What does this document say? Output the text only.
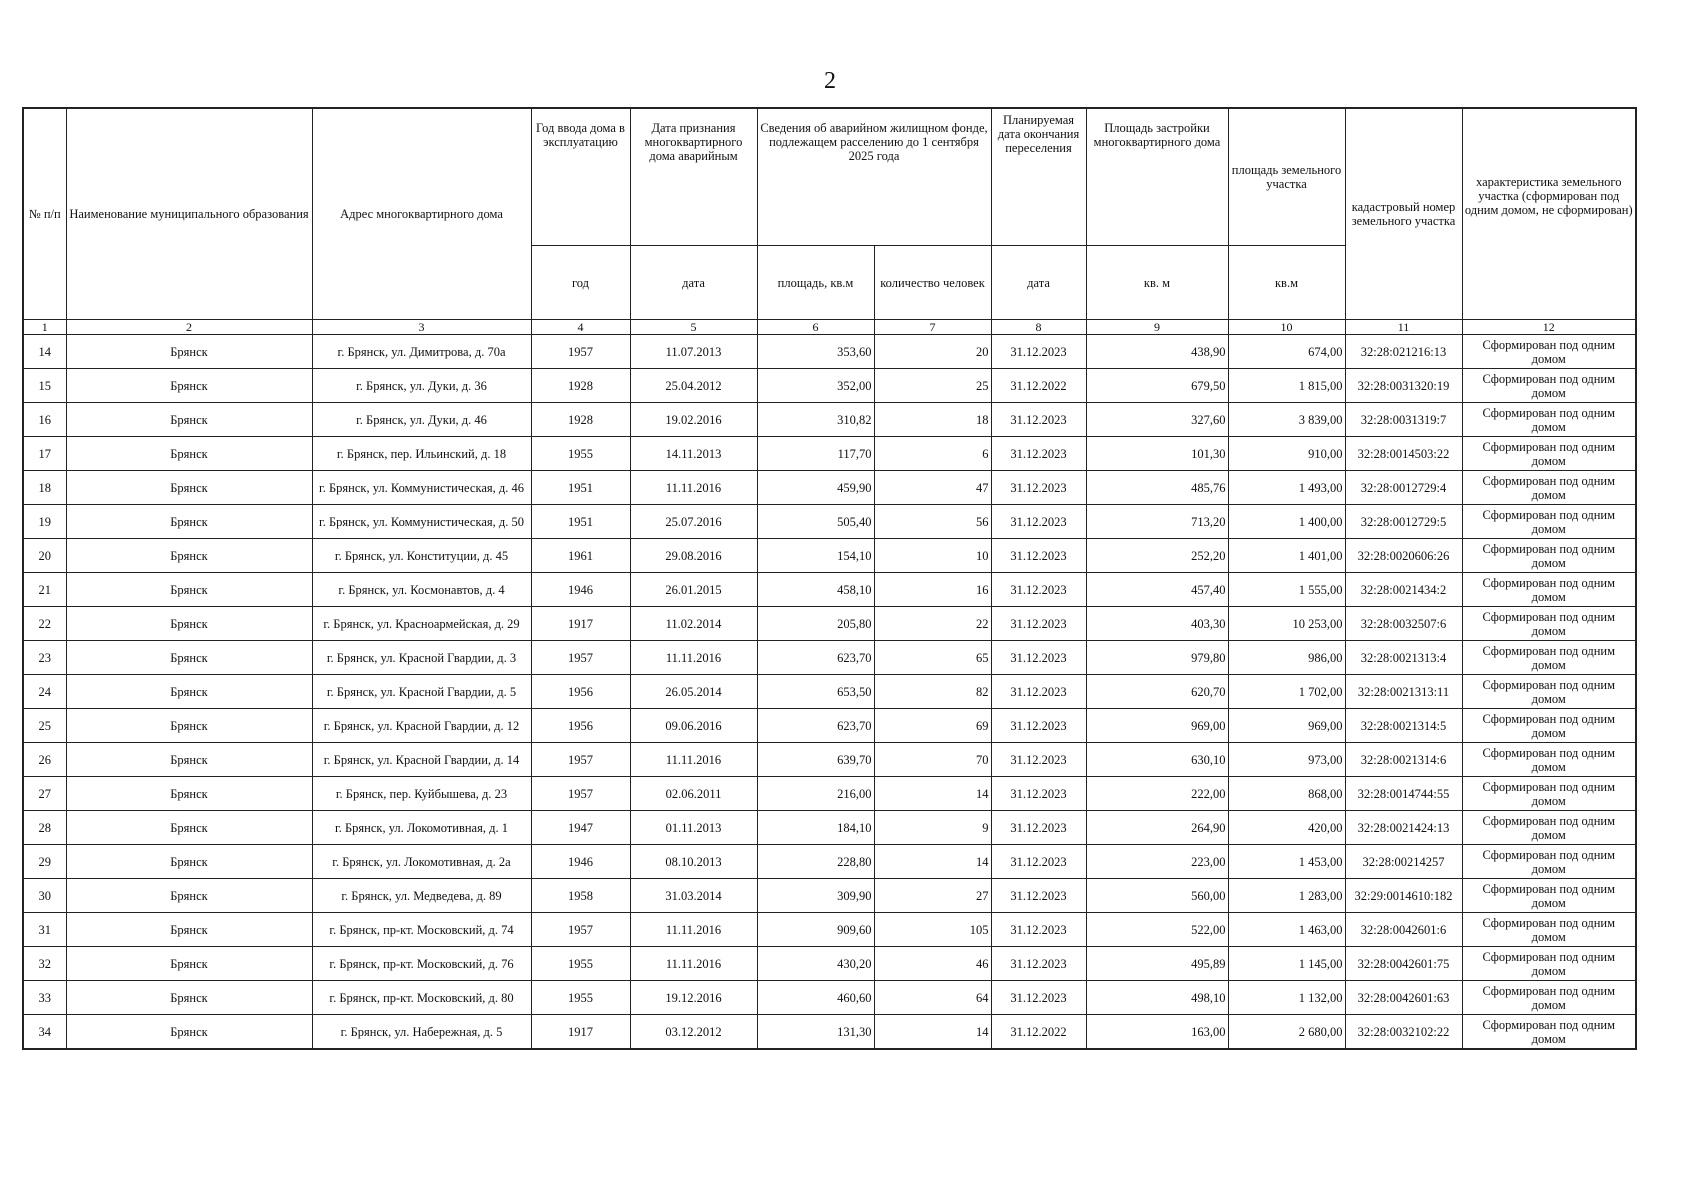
2
№ п/п	Наименование муниципального образования	Адрес многоквартирного дома	Год ввода дома в эксплуатацию	Дата признания многоквартирного дома аварийным	Сведения об аварийном жилищном фонде, подлежащем расселению до 1 сентября 2025 года		Планируемая дата окончания переселения	Площадь застройки многоквартирного дома	площадь земельного участка	кадастровый номер земельного участка	характеристика земельного участка (сформирован под одним домом, не сформирован)
			год	дата	площадь, кв.м	количество человек	дата	кв. м	кв.м		
1	2	3	4	5	6	7	8	9	10	11	12
14	Брянск	г. Брянск, ул. Димитрова, д. 70а	1957	11.07.2013	353,60	20	31.12.2023	438,90	674,00	32:28:021216:13	Сформирован под одним домом
15	Брянск	г. Брянск, ул. Дуки, д. 36	1928	25.04.2012	352,00	25	31.12.2022	679,50	1 815,00	32:28:0031320:19	Сформирован под одним домом
16	Брянск	г. Брянск, ул. Дуки, д. 46	1928	19.02.2016	310,82	18	31.12.2023	327,60	3 839,00	32:28:0031319:7	Сформирован под одним домом
17	Брянск	г. Брянск, пер. Ильинский, д. 18	1955	14.11.2013	117,70	6	31.12.2023	101,30	910,00	32:28:0014503:22	Сформирован под одним домом
18	Брянск	г. Брянск, ул. Коммунистическая, д. 46	1951	11.11.2016	459,90	47	31.12.2023	485,76	1 493,00	32:28:0012729:4	Сформирован под одним домом
19	Брянск	г. Брянск, ул. Коммунистическая, д. 50	1951	25.07.2016	505,40	56	31.12.2023	713,20	1 400,00	32:28:0012729:5	Сформирован под одним домом
20	Брянск	г. Брянск, ул. Конституции, д. 45	1961	29.08.2016	154,10	10	31.12.2023	252,20	1 401,00	32:28:0020606:26	Сформирован под одним домом
21	Брянск	г. Брянск, ул. Космонавтов, д. 4	1946	26.01.2015	458,10	16	31.12.2023	457,40	1 555,00	32:28:0021434:2	Сформирован под одним домом
22	Брянск	г. Брянск, ул. Красноармейская, д. 29	1917	11.02.2014	205,80	22	31.12.2023	403,30	10 253,00	32:28:0032507:6	Сформирован под одним домом
23	Брянск	г. Брянск, ул. Красной Гвардии, д. 3	1957	11.11.2016	623,70	65	31.12.2023	979,80	986,00	32:28:0021313:4	Сформирован под одним домом
24	Брянск	г. Брянск, ул. Красной Гвардии, д. 5	1956	26.05.2014	653,50	82	31.12.2023	620,70	1 702,00	32:28:0021313:11	Сформирован под одним домом
25	Брянск	г. Брянск, ул. Красной Гвардии, д. 12	1956	09.06.2016	623,70	69	31.12.2023	969,00	969,00	32:28:0021314:5	Сформирован под одним домом
26	Брянск	г. Брянск, ул. Красной Гвардии, д. 14	1957	11.11.2016	639,70	70	31.12.2023	630,10	973,00	32:28:0021314:6	Сформирован под одним домом
27	Брянск	г. Брянск, пер. Куйбышева, д. 23	1957	02.06.2011	216,00	14	31.12.2023	222,00	868,00	32:28:0014744:55	Сформирован под одним домом
28	Брянск	г. Брянск, ул. Локомотивная, д. 1	1947	01.11.2013	184,10	9	31.12.2023	264,90	420,00	32:28:0021424:13	Сформирован под одним домом
29	Брянск	г. Брянск, ул. Локомотивная, д. 2а	1946	08.10.2013	228,80	14	31.12.2023	223,00	1 453,00	32:28:00214257	Сформирован под одним домом
30	Брянск	г. Брянск, ул. Медведева, д. 89	1958	31.03.2014	309,90	27	31.12.2023	560,00	1 283,00	32:29:0014610:182	Сформирован под одним домом
31	Брянск	г. Брянск, пр-кт. Московский, д. 74	1957	11.11.2016	909,60	105	31.12.2023	522,00	1 463,00	32:28:0042601:6	Сформирован под одним домом
32	Брянск	г. Брянск, пр-кт. Московский, д. 76	1955	11.11.2016	430,20	46	31.12.2023	495,89	1 145,00	32:28:0042601:75	Сформирован под одним домом
33	Брянск	г. Брянск, пр-кт. Московский, д. 80	1955	19.12.2016	460,60	64	31.12.2023	498,10	1 132,00	32:28:0042601:63	Сформирован под одним домом
34	Брянск	г. Брянск, ул. Набережная, д. 5	1917	03.12.2012	131,30	14	31.12.2022	163,00	2 680,00	32:28:0032102:22	Сформирован под одним домом
